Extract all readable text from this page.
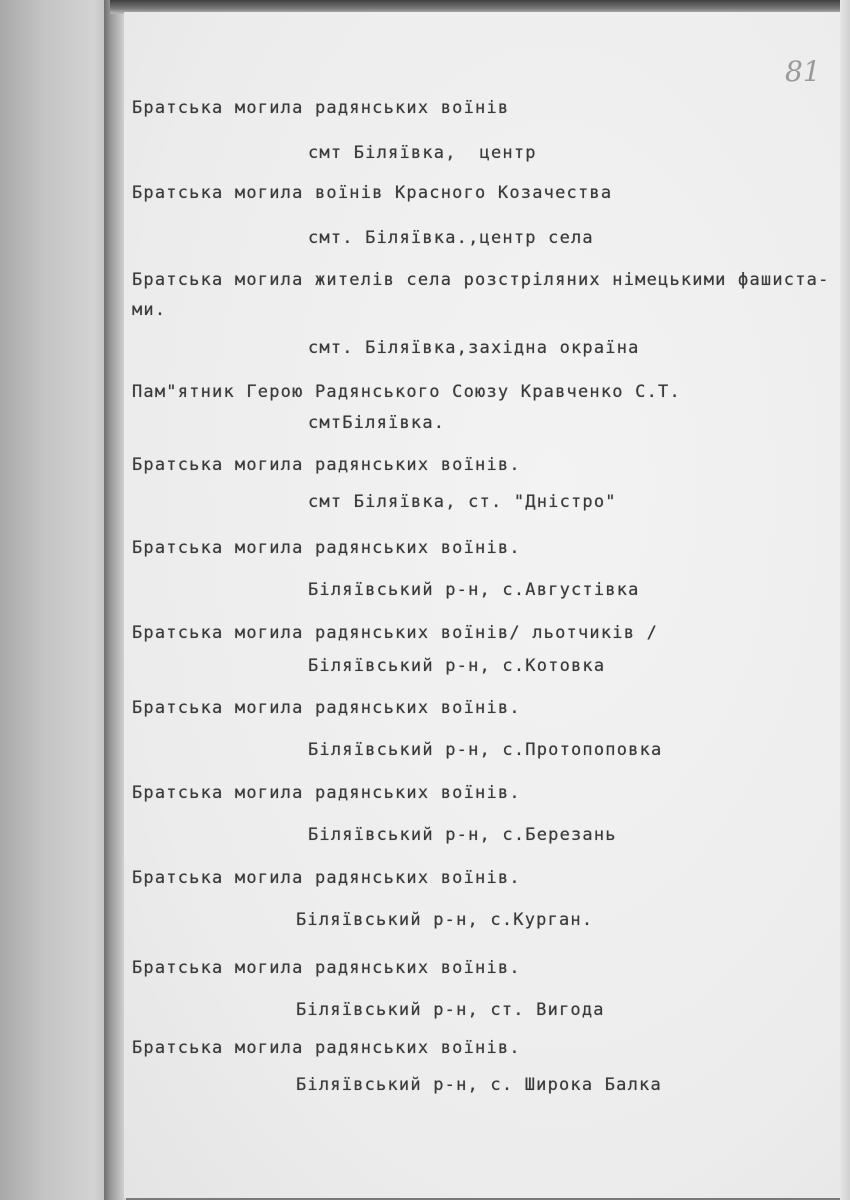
81
Братська могила радянських воїнів
смт Біляївка,  центр
Братська могила воїнів Красного Козачества
смт. Біляївка.,центр села
Братська могила жителів села розстріляних німецькими фашиста-
ми.
смт. Біляївка,західна окраїна
Пам"ятник Герою Радянського Союзу Кравченко С.Т.
смтБіляївка.
Братська могила радянських воїнів.
смт Біляївка, ст. "Дністро"
Братська могила радянських воїнів.
Біляївський р-н, с.Августівка
Братська могила радянських воїнів/ льотчиків /
Біляївський р-н, с.Котовка
Братська могила радянських воїнів.
Біляївський р-н, с.Протопоповка
Братська могила радянських воїнів.
Біляївський р-н, с.Березань
Братська могила радянських воїнів.
Біляївський р-н, с.Курган.
Братська могила радянських воїнів.
Біляївський р-н, ст. Вигода
Братська могила радянських воїнів.
Біляївський р-н, с. Широка Балка
